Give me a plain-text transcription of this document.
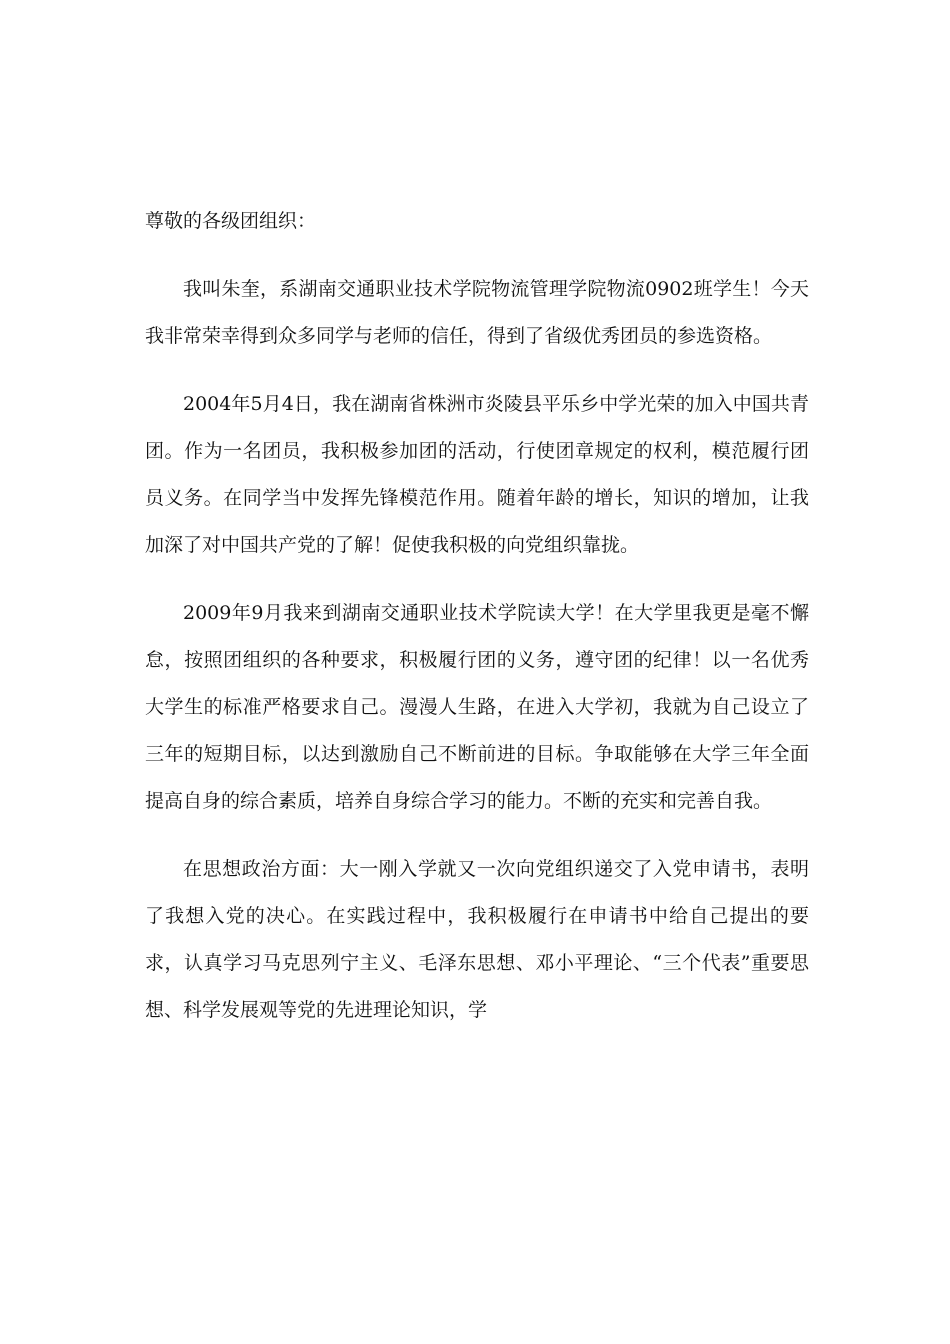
尊敬的各级团组织：

我叫朱奎，系湖南交通职业技术学院物流管理学院物流0902班学生！今天我非常荣幸得到众多同学与老师的信任，得到了省级优秀团员的参选资格。

2004年5月4日，我在湖南省株洲市炎陵县平乐乡中学光荣的加入中国共青团。作为一名团员，我积极参加团的活动，行使团章规定的权利，模范履行团员义务。在同学当中发挥先锋模范作用。随着年龄的增长，知识的增加，让我加深了对中国共产党的了解！促使我积极的向党组织靠拢。

2009年9月我来到湖南交通职业技术学院读大学！在大学里我更是毫不懈怠，按照团组织的各种要求，积极履行团的义务，遵守团的纪律！以一名优秀大学生的标准严格要求自己。漫漫人生路，在进入大学初，我就为自己设立了三年的短期目标，以达到激励自己不断前进的目标。争取能够在大学三年全面提高自身的综合素质，培养自身综合学习的能力。不断的充实和完善自我。

在思想政治方面：大一刚入学就又一次向党组织递交了入党申请书，表明了我想入党的决心。在实践过程中，我积极履行在申请书中给自己提出的要求，认真学习马克思列宁主义、毛泽东思想、邓小平理论、“三个代表”重要思想、科学发展观等党的先进理论知识，学
